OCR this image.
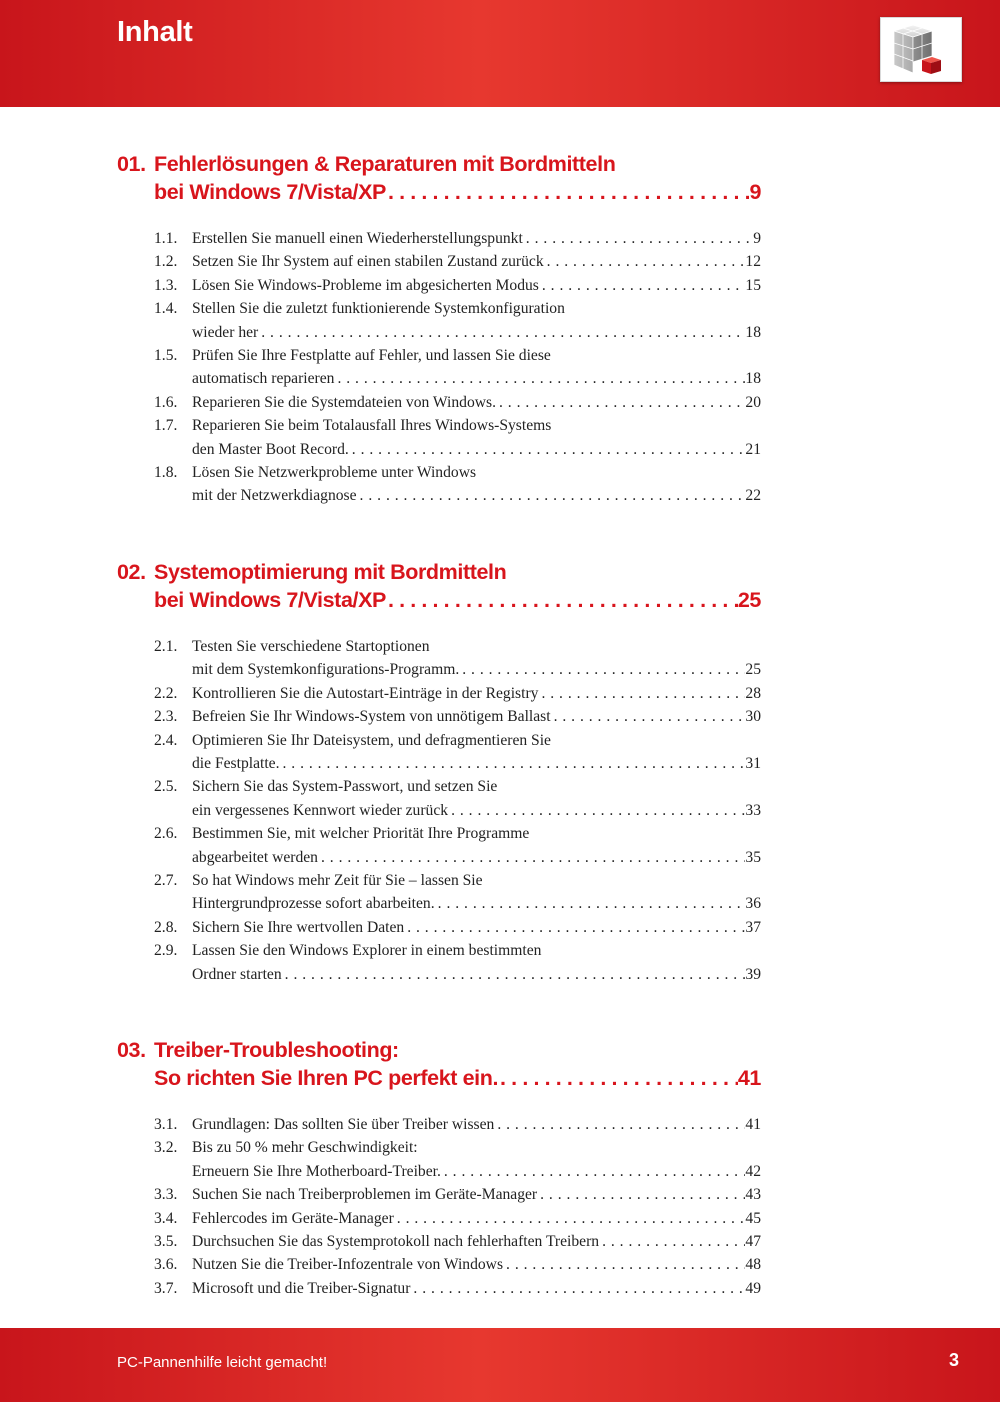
Inhalt
01. Fehlerlösungen & Reparaturen mit Bordmitteln
bei Windows 7/Vista/XP . . .	9
1.1. Erstellen Sie manuell einen Wiederherstellungspunkt . . .	9
1.2. Setzen Sie Ihr System auf einen stabilen Zustand zurück . . .	12
1.3. Lösen Sie Windows-Probleme im abgesicherten Modus . . .	15
1.4. Stellen Sie die zuletzt funktionierende Systemkonfiguration
wieder her . . .	18
1.5. Prüfen Sie Ihre Festplatte auf Fehler, und lassen Sie diese
automatisch reparieren . . .	18
1.6. Reparieren Sie die Systemdateien von Windows. . . .	20
1.7. Reparieren Sie beim Totalausfall Ihres Windows-Systems
den Master Boot Record. . . .	21
1.8. Lösen Sie Netzwerkprobleme unter Windows
mit der Netzwerkdiagnose . . .	22
02. Systemoptimierung mit Bordmitteln
bei Windows 7/Vista/XP . . .	25
2.1. Testen Sie verschiedene Startoptionen
mit dem Systemkonfigurations-Programm. . . .	25
2.2. Kontrollieren Sie die Autostart-Einträge in der Registry . . .	28
2.3. Befreien Sie Ihr Windows-System von unnötigem Ballast . . .	30
2.4. Optimieren Sie Ihr Dateisystem, und defragmentieren Sie
die Festplatte. . . .	31
2.5. Sichern Sie das System-Passwort, und setzen Sie
ein vergessenes Kennwort wieder zurück . . .	33
2.6. Bestimmen Sie, mit welcher Priorität Ihre Programme
abgearbeitet werden . . .	35
2.7. So hat Windows mehr Zeit für Sie – lassen Sie
Hintergrundprozesse sofort abarbeiten. . . .	36
2.8. Sichern Sie Ihre wertvollen Daten . . .	37
2.9. Lassen Sie den Windows Explorer in einem bestimmten
Ordner starten . . .	39
03. Treiber-Troubleshooting:
So richten Sie Ihren PC perfekt ein. . . .	41
3.1. Grundlagen: Das sollten Sie über Treiber wissen . . .	41
3.2. Bis zu 50 % mehr Geschwindigkeit:
Erneuern Sie Ihre Motherboard-Treiber. . . .	42
3.3. Suchen Sie nach Treiberproblemen im Geräte-Manager . . .	43
3.4. Fehlercodes im Geräte-Manager . . .	45
3.5. Durchsuchen Sie das Systemprotokoll nach fehlerhaften Treibern . . .	47
3.6. Nutzen Sie die Treiber-Infozentrale von Windows . . .	48
3.7. Microsoft und die Treiber-Signatur . . .	49
PC-Pannenhilfe leicht gemacht!	3
